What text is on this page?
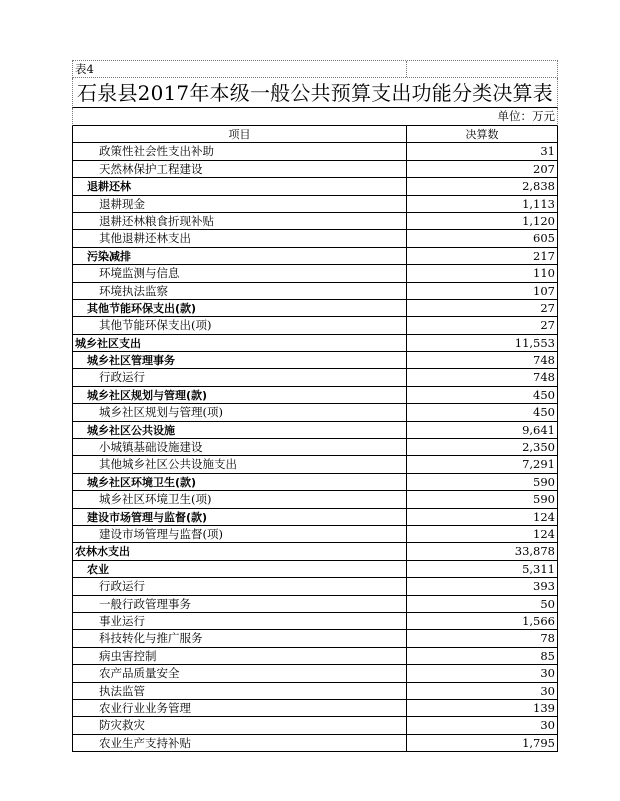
表4
石泉县2017年本级一般公共预算支出功能分类决算表
单位：万元
项目	决算数
政策性社会性支出补助	31
天然林保护工程建设	207
退耕还林	2,838
退耕现金	1,113
退耕还林粮食折现补贴	1,120
其他退耕还林支出	605
污染减排	217
环境监测与信息	110
环境执法监察	107
其他节能环保支出(款)	27
其他节能环保支出(项)	27
城乡社区支出	11,553
城乡社区管理事务	748
行政运行	748
城乡社区规划与管理(款)	450
城乡社区规划与管理(项)	450
城乡社区公共设施	9,641
小城镇基础设施建设	2,350
其他城乡社区公共设施支出	7,291
城乡社区环境卫生(款)	590
城乡社区环境卫生(项)	590
建设市场管理与监督(款)	124
建设市场管理与监督(项)	124
农林水支出	33,878
农业	5,311
行政运行	393
一般行政管理事务	50
事业运行	1,566
科技转化与推广服务	78
病虫害控制	85
农产品质量安全	30
执法监管	30
农业行业业务管理	139
防灾救灾	30
农业生产支持补贴	1,795
